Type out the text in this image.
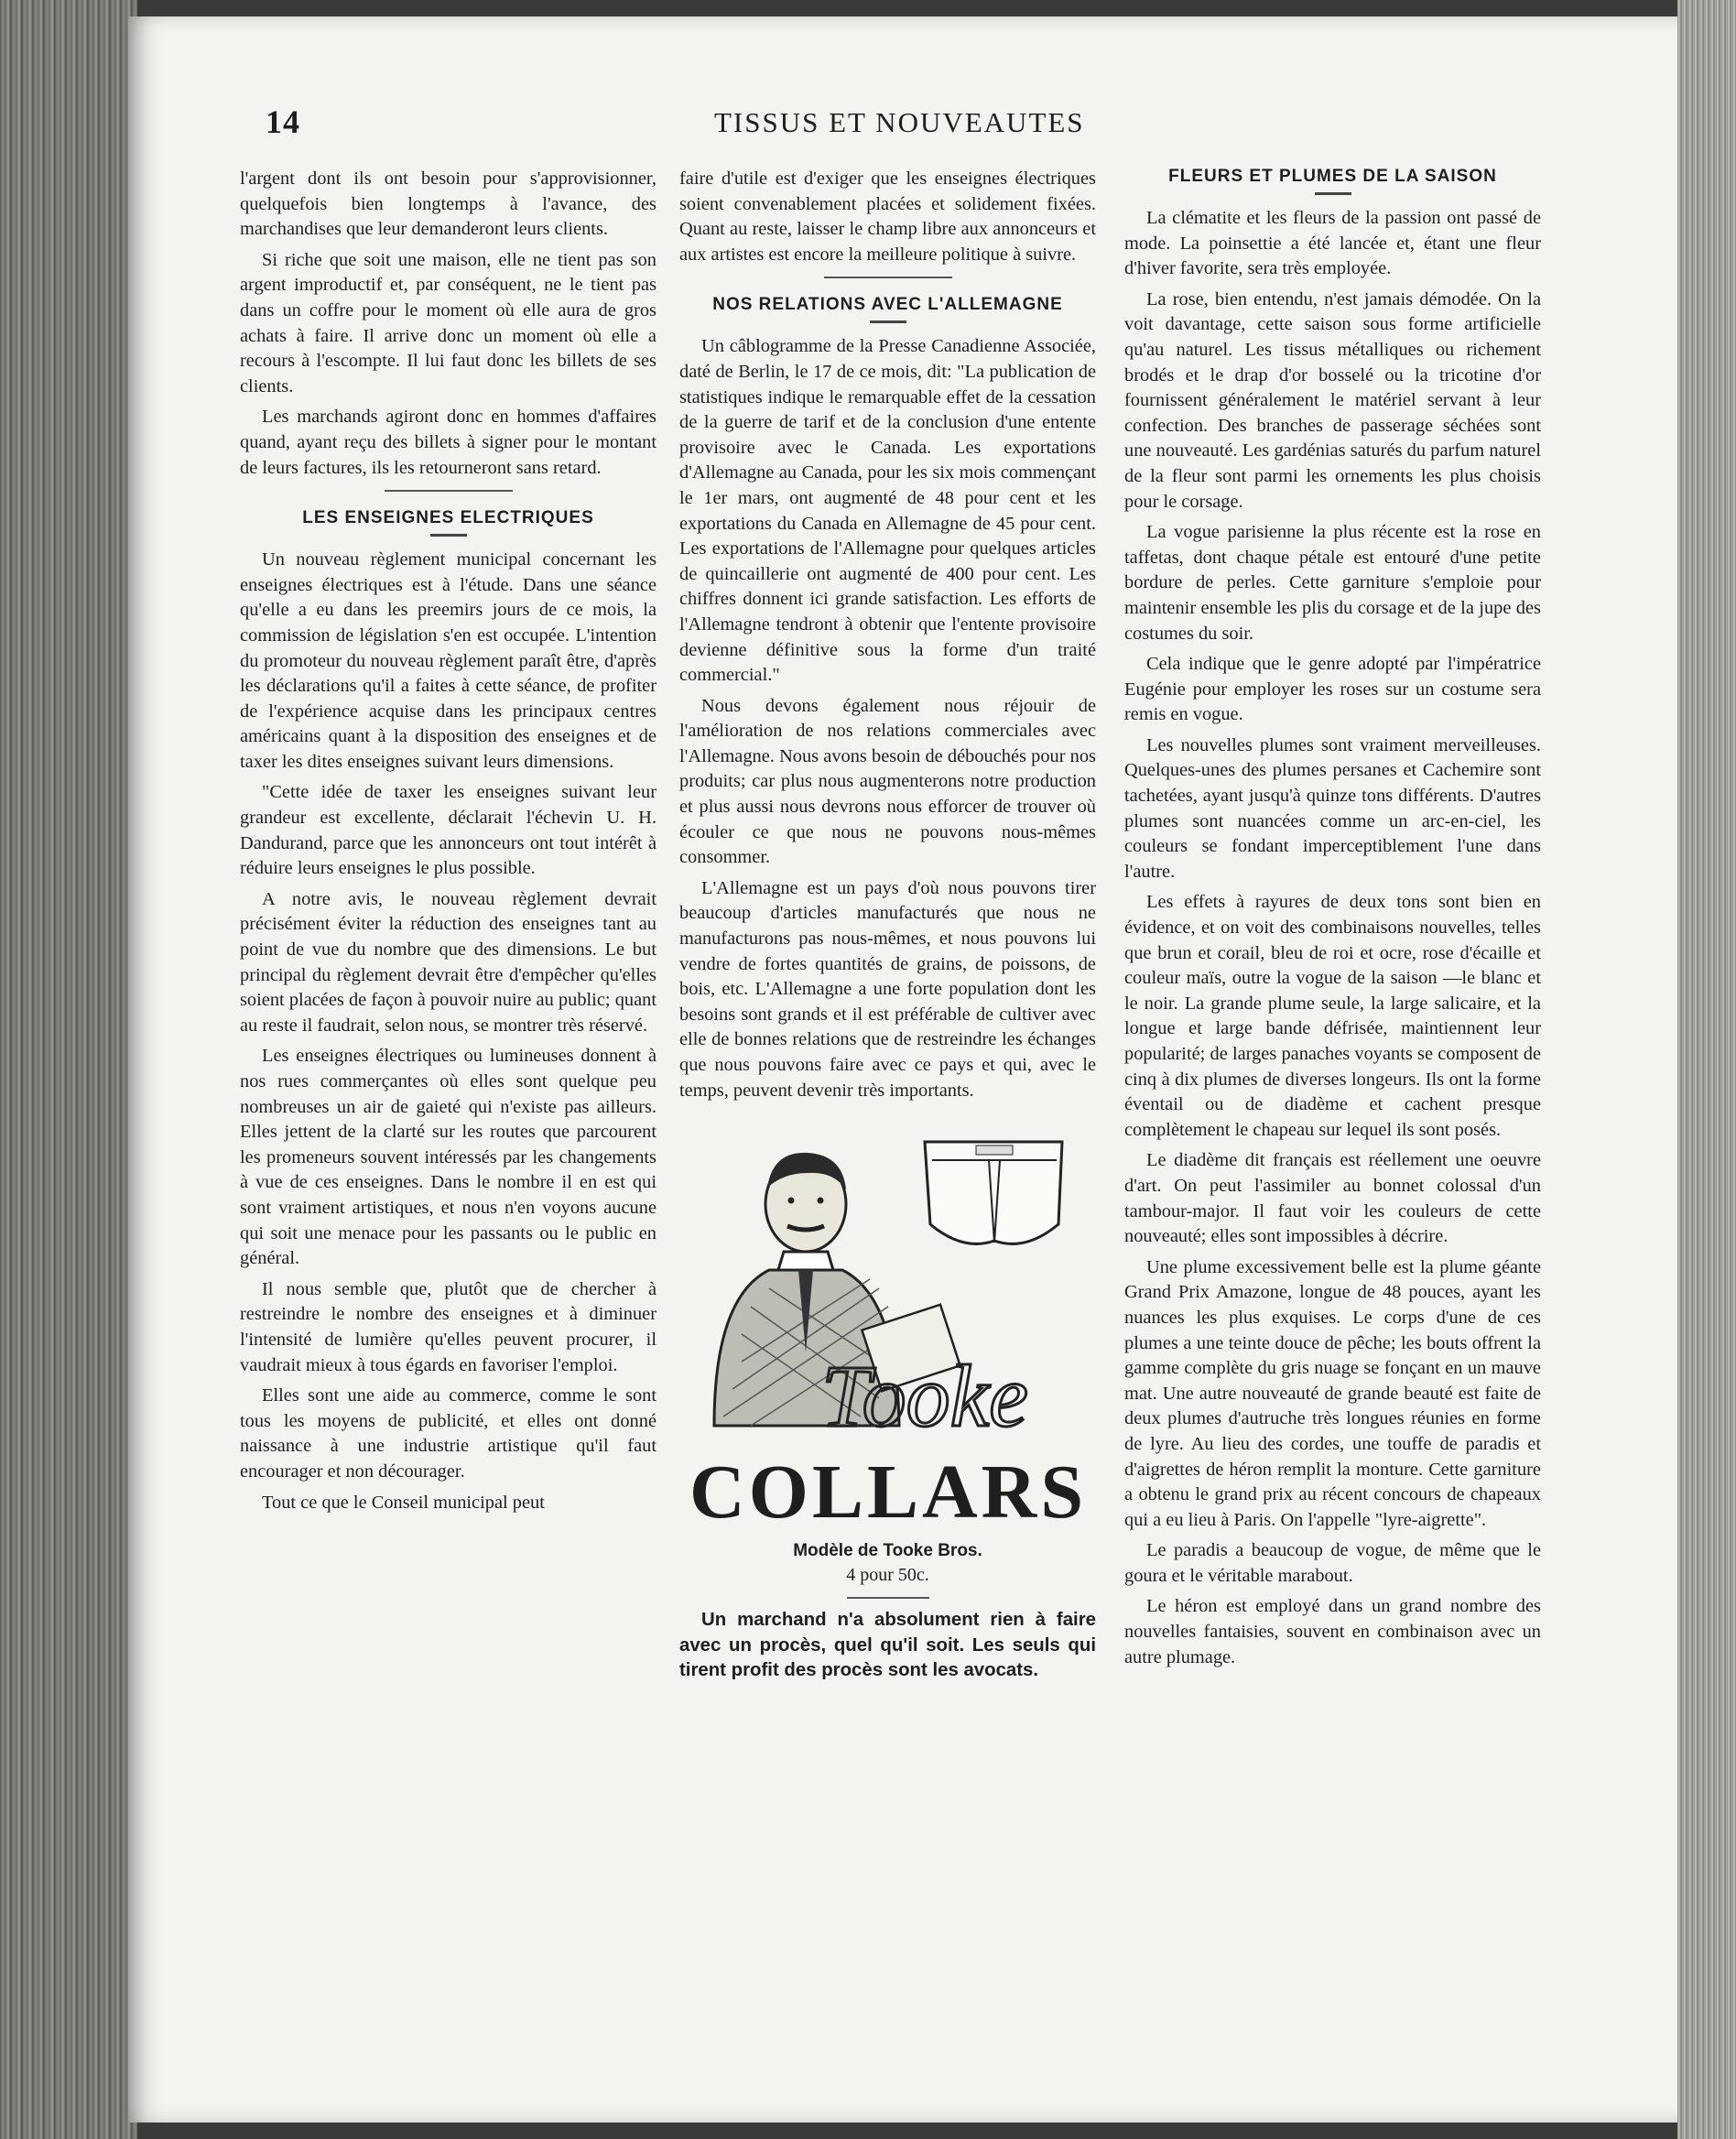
14	TISSUS ET NOUVEAUTES

l'argent dont ils ont besoin pour s'approvisionner, quelquefois bien longtemps à l'avance, des marchandises que leur demanderont leurs clients.

Si riche que soit une maison, elle ne tient pas son argent improductif et, par conséquent, ne le tient pas dans un coffre pour le moment où elle aura de gros achats à faire. Il arrive donc un moment où elle a recours à l'escompte. Il lui faut donc les billets de ses clients.

Les marchands agiront donc en hommes d'affaires quand, ayant reçu des billets à signer pour le montant de leurs factures, ils les retourneront sans retard.

LES ENSEIGNES ELECTRIQUES

Un nouveau règlement municipal concernant les enseignes électriques est à l'étude. Dans une séance qu'elle a eu dans les preemirs jours de ce mois, la commission de législation s'en est occupée. L'intention du promoteur du nouveau règlement paraît être, d'après les déclarations qu'il a faites à cette séance, de profiter de l'expérience acquise dans les principaux centres américains quant à la disposition des enseignes et de taxer les dites enseignes suivant leurs dimensions.

"Cette idée de taxer les enseignes suivant leur grandeur est excellente, déclarait l'échevin U. H. Dandurand, parce que les annonceurs ont tout intérêt à réduire leurs enseignes le plus possible.

A notre avis, le nouveau règlement devrait précisément éviter la réduction des enseignes tant au point de vue du nombre que des dimensions. Le but principal du règlement devrait être d'empêcher qu'elles soient placées de façon à pouvoir nuire au public; quant au reste il faudrait, selon nous, se montrer très réservé.

Les enseignes électriques ou lumineuses donnent à nos rues commerçantes où elles sont quelque peu nombreuses un air de gaieté qui n'existe pas ailleurs. Elles jettent de la clarté sur les routes que parcourent les promeneurs souvent intéressés par les changements à vue de ces enseignes. Dans le nombre il en est qui sont vraiment artistiques, et nous n'en voyons aucune qui soit une menace pour les passants ou le public en général.

Il nous semble que, plutôt que de chercher à restreindre le nombre des enseignes et à diminuer l'intensité de lumière qu'elles peuvent procurer, il vaudrait mieux à tous égards en favoriser l'emploi.

Elles sont une aide au commerce, comme le sont tous les moyens de publicité, et elles ont donné naissance à une industrie artistique qu'il faut encourager et non décourager.

Tout ce que le Conseil municipal peut

faire d'utile est d'exiger que les enseignes électriques soient convenablement placées et solidement fixées. Quant au reste, laisser le champ libre aux annonceurs et aux artistes est encore la meilleure politique à suivre.

NOS RELATIONS AVEC L'ALLEMAGNE

Un câblogramme de la Presse Canadienne Associée, daté de Berlin, le 17 de ce mois, dit: "La publication de statistiques indique le remarquable effet de la cessation de la guerre de tarif et de la conclusion d'une entente provisoire avec le Canada. Les exportations d'Allemagne au Canada, pour les six mois commençant le 1er mars, ont augmenté de 48 pour cent et les exportations du Canada en Allemagne de 45 pour cent. Les exportations de l'Allemagne pour quelques articles de quincaillerie ont augmenté de 400 pour cent. Les chiffres donnent ici grande satisfaction. Les efforts de l'Allemagne tendront à obtenir que l'entente provisoire devienne définitive sous la forme d'un traité commercial."

Nous devons également nous réjouir de l'amélioration de nos relations commerciales avec l'Allemagne. Nous avons besoin de débouchés pour nos produits; car plus nous augmenterons notre production et plus aussi nous devrons nous efforcer de trouver où écouler ce que nous ne pouvons nous-mêmes consommer.

L'Allemagne est un pays d'où nous pouvons tirer beaucoup d'articles manufacturés que nous ne manufacturons pas nous-mêmes, et nous pouvons lui vendre de fortes quantités de grains, de poissons, de bois, etc. L'Allemagne a une forte population dont les besoins sont grands et il est préférable de cultiver avec elle de bonnes relations que de restreindre les échanges que nous pouvons faire avec ce pays et qui, avec le temps, peuvent devenir très importants.

Tooke
COLLARS
Modèle de Tooke Bros.
4 pour 50c.

Un marchand n'a absolument rien à faire avec un procès, quel qu'il soit. Les seuls qui tirent profit des procès sont les avocats.

FLEURS ET PLUMES DE LA SAISON

La clématite et les fleurs de la passion ont passé de mode. La poinsettie a été lancée et, étant une fleur d'hiver favorite, sera très employée.

La rose, bien entendu, n'est jamais démodée. On la voit davantage, cette saison sous forme artificielle qu'au naturel. Les tissus métalliques ou richement brodés et le drap d'or bosselé ou la tricotine d'or fournissent généralement le matériel servant à leur confection. Des branches de passerage séchées sont une nouveauté. Les gardénias saturés du parfum naturel de la fleur sont parmi les ornements les plus choisis pour le corsage.

La vogue parisienne la plus récente est la rose en taffetas, dont chaque pétale est entouré d'une petite bordure de perles. Cette garniture s'emploie pour maintenir ensemble les plis du corsage et de la jupe des costumes du soir.

Cela indique que le genre adopté par l'impératrice Eugénie pour employer les roses sur un costume sera remis en vogue.

Les nouvelles plumes sont vraiment merveilleuses. Quelques-unes des plumes persanes et Cachemire sont tachetées, ayant jusqu'à quinze tons différents. D'autres plumes sont nuancées comme un arc-en-ciel, les couleurs se fondant imperceptiblement l'une dans l'autre.

Les effets à rayures de deux tons sont bien en évidence, et on voit des combinaisons nouvelles, telles que brun et corail, bleu de roi et ocre, rose d'écaille et couleur maïs, outre la vogue de la saison —le blanc et le noir. La grande plume seule, la large salicaire, et la longue et large bande défrisée, maintiennent leur popularité; de larges panaches voyants se composent de cinq à dix plumes de diverses longeurs. Ils ont la forme éventail ou de diadème et cachent presque complètement le chapeau sur lequel ils sont posés.

Le diadème dit français est réellement une oeuvre d'art. On peut l'assimiler au bonnet colossal d'un tambour-major. Il faut voir les couleurs de cette nouveauté; elles sont impossibles à décrire.

Une plume excessivement belle est la plume géante Grand Prix Amazone, longue de 48 pouces, ayant les nuances les plus exquises. Le corps d'une de ces plumes a une teinte douce de pêche; les bouts offrent la gamme complète du gris nuage se fonçant en un mauve mat. Une autre nouveauté de grande beauté est faite de deux plumes d'autruche très longues réunies en forme de lyre. Au lieu des cordes, une touffe de paradis et d'aigrettes de héron remplit la monture. Cette garniture a obtenu le grand prix au récent concours de chapeaux qui a eu lieu à Paris. On l'appelle "lyre-aigrette".

Le paradis a beaucoup de vogue, de même que le goura et le véritable marabout.

Le héron est employé dans un grand nombre des nouvelles fantaisies, souvent en combinaison avec un autre plumage.
